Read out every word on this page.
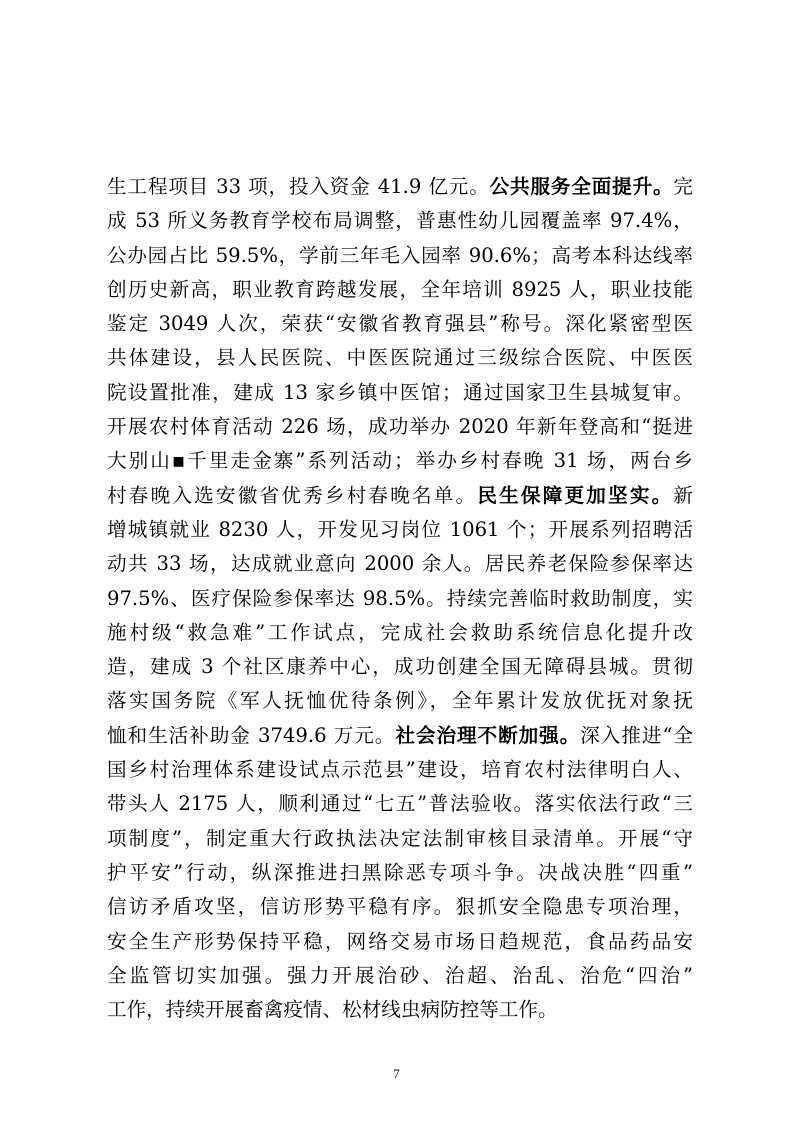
生工程项目 33 项，投入资金 41.9 亿元。公共服务全面提升。完
成 53 所义务教育学校布局调整，普惠性幼儿园覆盖率 97.4%，
公办园占比 59.5%，学前三年毛入园率 90.6%；高考本科达线率
创历史新高，职业教育跨越发展，全年培训 8925 人，职业技能
鉴定 3049 人次，荣获“安徽省教育强县”称号。深化紧密型医
共体建设，县人民医院、中医医院通过三级综合医院、中医医
院设置批准，建成 13 家乡镇中医馆；通过国家卫生县城复审。
开展农村体育活动 226 场，成功举办 2020 年新年登高和“挺进
大别山▪千里走金寨”系列活动；举办乡村春晚 31 场，两台乡
村春晚入选安徽省优秀乡村春晚名单。民生保障更加坚实。新
增城镇就业 8230 人，开发见习岗位 1061 个；开展系列招聘活
动共 33 场，达成就业意向 2000 余人。居民养老保险参保率达
97.5%、医疗保险参保率达 98.5%。持续完善临时救助制度，实
施村级“救急难”工作试点，完成社会救助系统信息化提升改
造，建成 3 个社区康养中心，成功创建全国无障碍县城。贯彻
落实国务院《军人抚恤优待条例》，全年累计发放优抚对象抚
恤和生活补助金 3749.6 万元。社会治理不断加强。深入推进“全
国乡村治理体系建设试点示范县”建设，培育农村法律明白人、
带头人 2175 人，顺利通过“七五”普法验收。落实依法行政“三
项制度”，制定重大行政执法决定法制审核目录清单。开展“守
护平安”行动，纵深推进扫黑除恶专项斗争。决战决胜“四重”
信访矛盾攻坚，信访形势平稳有序。狠抓安全隐患专项治理，
安全生产形势保持平稳，网络交易市场日趋规范，食品药品安
全监管切实加强。强力开展治砂、治超、治乱、治危“四治”
工作，持续开展畜禽疫情、松材线虫病防控等工作。
7
